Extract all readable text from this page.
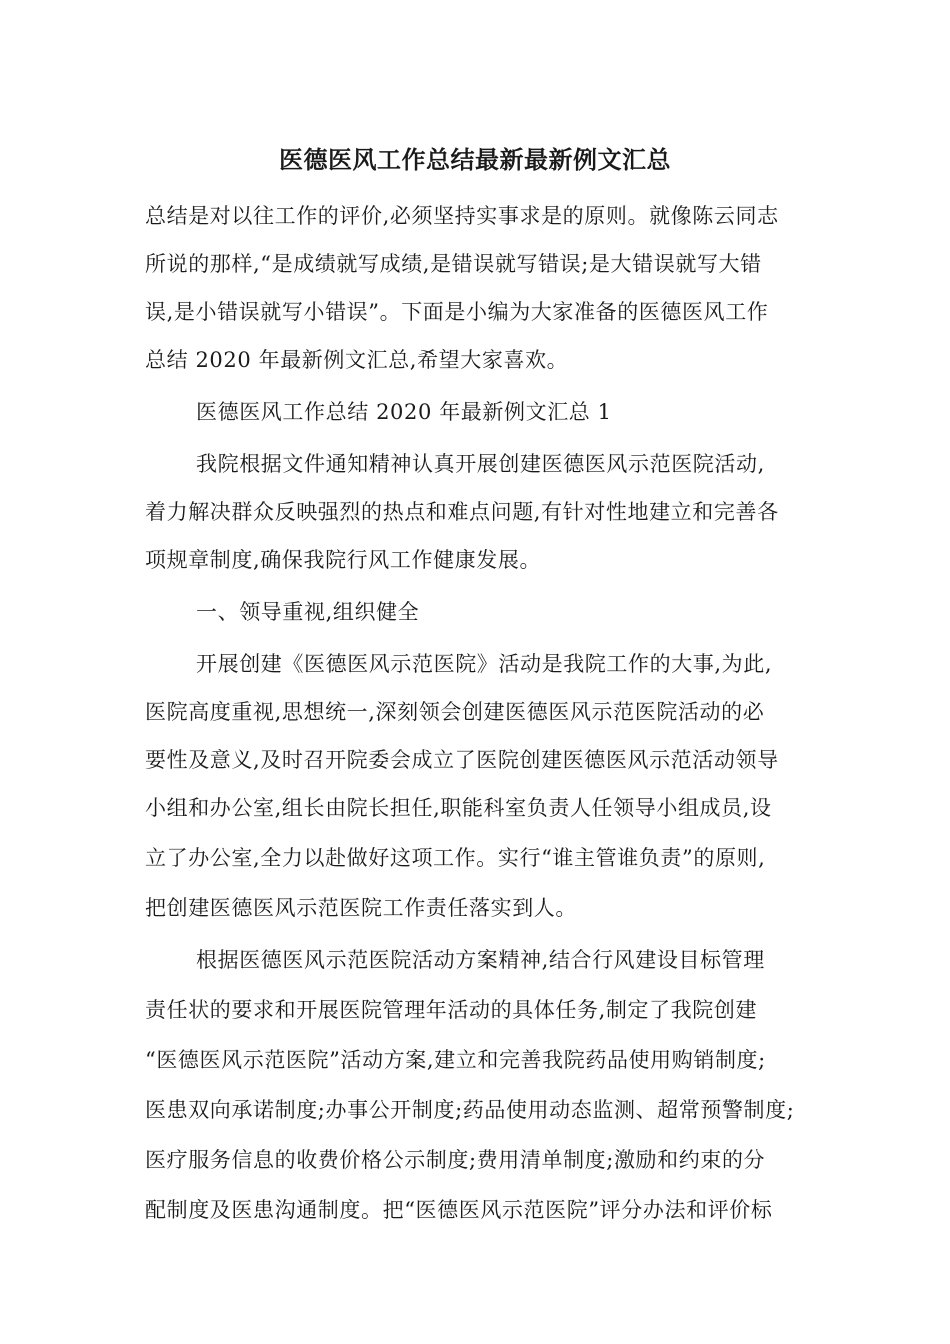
医德医风工作总结最新最新例文汇总

总结是对以往工作的评价,必须坚持实事求是的原则。就像陈云同志

所说的那样,“是成绩就写成绩,是错误就写错误;是大错误就写大错

误,是小错误就写小错误”。下面是小编为大家准备的医德医风工作

总结 2020 年最新例文汇总,希望大家喜欢。

医德医风工作总结 2020 年最新例文汇总 1

我院根据文件通知精神认真开展创建医德医风示范医院活动,

着力解决群众反映强烈的热点和难点问题,有针对性地建立和完善各

项规章制度,确保我院行风工作健康发展。

一、领导重视,组织健全

开展创建《医德医风示范医院》活动是我院工作的大事,为此,

医院高度重视,思想统一,深刻领会创建医德医风示范医院活动的必

要性及意义,及时召开院委会成立了医院创建医德医风示范活动领导

小组和办公室,组长由院长担任,职能科室负责人任领导小组成员,设

立了办公室,全力以赴做好这项工作。实行“谁主管谁负责”的原则,

把创建医德医风示范医院工作责任落实到人。

根据医德医风示范医院活动方案精神,结合行风建设目标管理

责任状的要求和开展医院管理年活动的具体任务,制定了我院创建

“医德医风示范医院”活动方案,建立和完善我院药品使用购销制度;

医患双向承诺制度;办事公开制度;药品使用动态监测、超常预警制度;

医疗服务信息的收费价格公示制度;费用清单制度;激励和约束的分

配制度及医患沟通制度。把“医德医风示范医院”评分办法和评价标
